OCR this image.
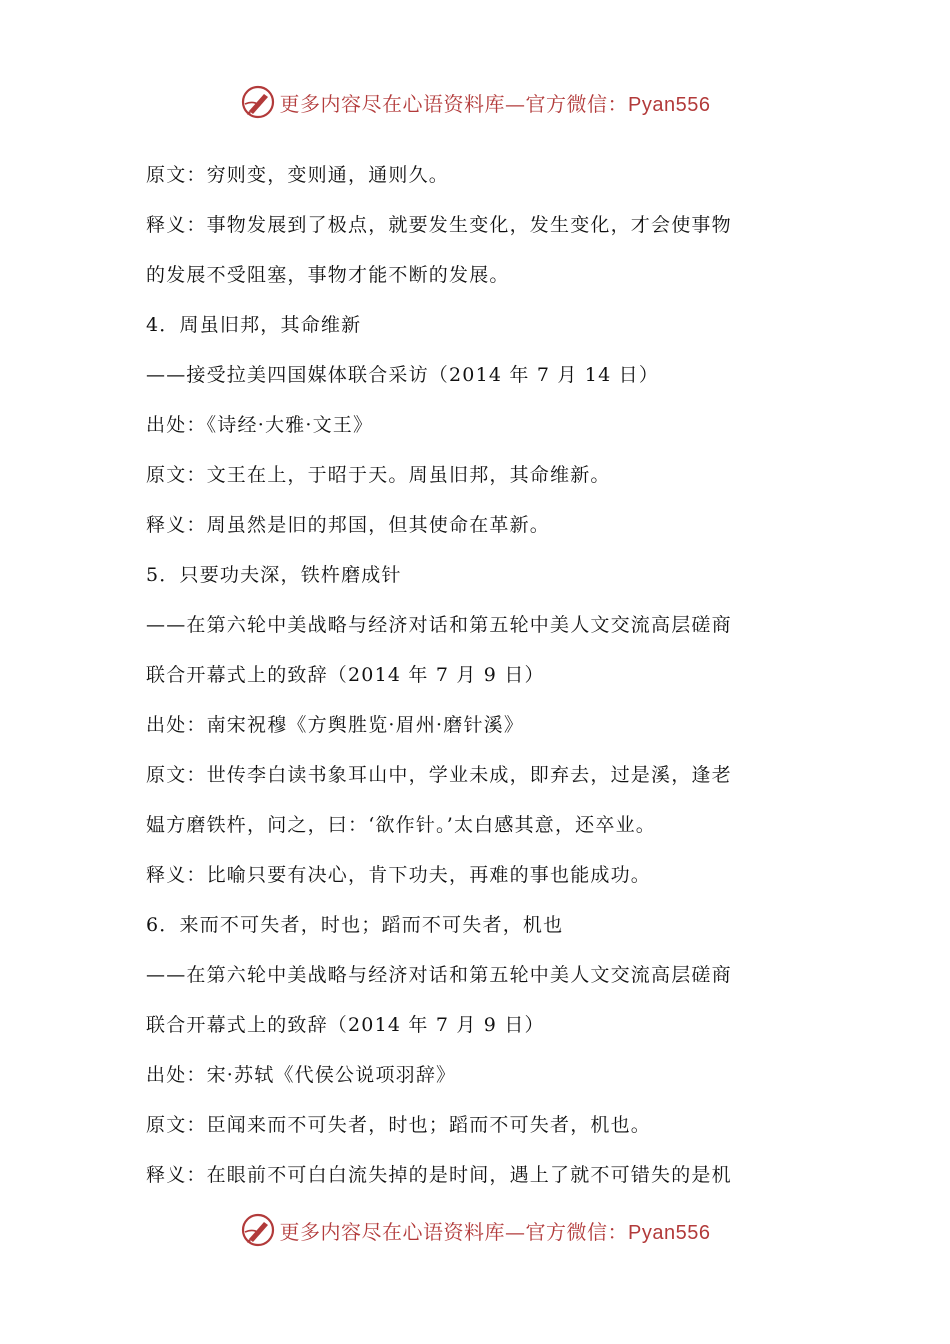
更多内容尽在心语资料库—官方微信：Pyan556
原文：穷则变，变则通，通则久。
释义：事物发展到了极点，就要发生变化，发生变化，才会使事物
的发展不受阻塞，事物才能不断的发展。
4．周虽旧邦，其命维新
——接受拉美四国媒体联合采访（2014 年 7 月 14 日）
出处：《诗经·大雅·文王》
原文：文王在上，于昭于天。周虽旧邦，其命维新。
释义：周虽然是旧的邦国，但其使命在革新。
5．只要功夫深，铁杵磨成针
——在第六轮中美战略与经济对话和第五轮中美人文交流高层磋商
联合开幕式上的致辞（2014 年 7 月 9 日）
出处：南宋祝穆《方舆胜览·眉州·磨针溪》
原文：世传李白读书象耳山中，学业未成，即弃去，过是溪，逢老
媪方磨铁杵，问之，曰：‘欲作针。’太白感其意，还卒业。
释义：比喻只要有决心，肯下功夫，再难的事也能成功。
6．来而不可失者，时也；蹈而不可失者，机也
——在第六轮中美战略与经济对话和第五轮中美人文交流高层磋商
联合开幕式上的致辞（2014 年 7 月 9 日）
出处：宋·苏轼《代侯公说项羽辞》
原文：臣闻来而不可失者，时也；蹈而不可失者，机也。
释义：在眼前不可白白流失掉的是时间，遇上了就不可错失的是机
更多内容尽在心语资料库—官方微信：Pyan556
